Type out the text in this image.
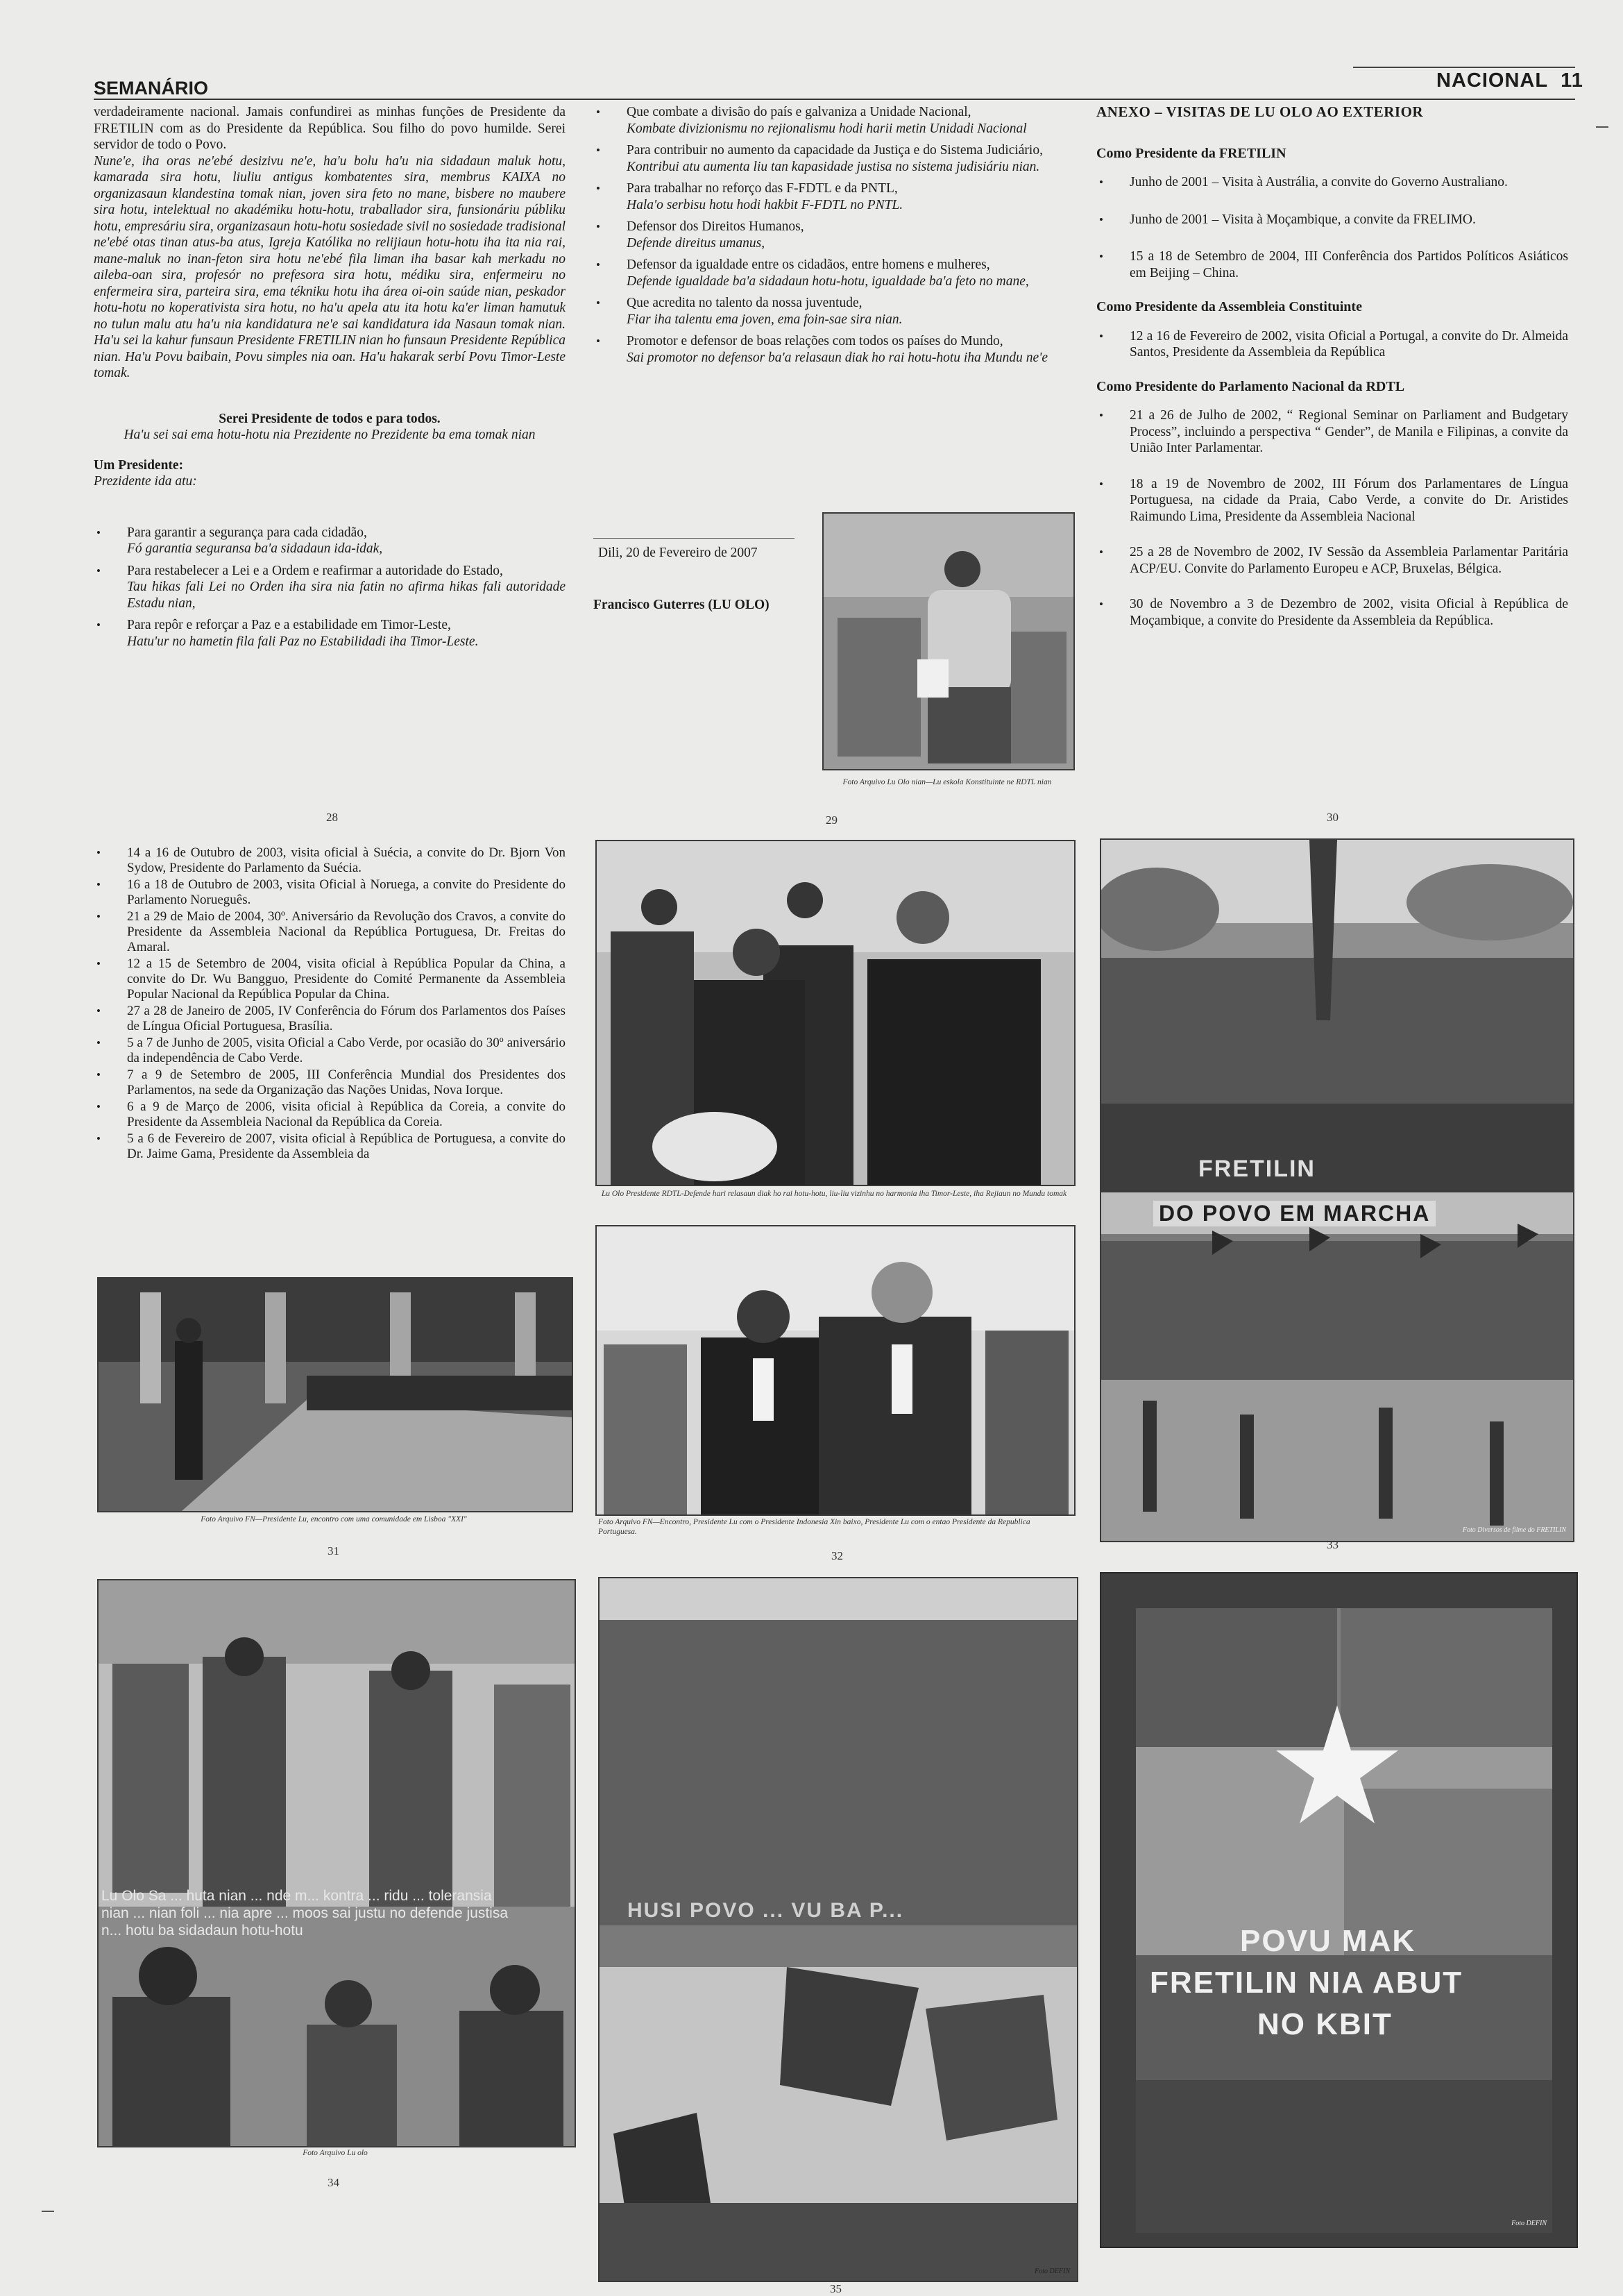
SEMANÁRIO	NACIONAL 11

verdadeiramente nacional. Jamais confundirei as minhas funções de Presidente da FRETILIN com as do Presidente da República. Sou filho do povo humilde. Serei servidor de todo o Povo.

Nune'e, iha oras ne'ebé desizivu ne'e, ha'u bolu ha'u nia sidadaun maluk hotu, kamarada sira hotu, liuliu antigus kombatentes sira, membrus KAIXA no organizasaun klandestina tomak nian, joven sira feto no mane, bisbere no maubere sira hotu, intelektual no akadémiku hotu-hotu, traballador sira, funsionáriu públiku hotu, empresáriu sira, organizasaun hotu-hotu sosiedade sivil no sosiedade tradisional ne'ebé otas tinan atus-ba atus, Igreja Katólika no relijiaun hotu-hotu iha ita nia rai, mane-maluk no inan-feton sira hotu ne'ebé fila liman iha basar kah merkadu no aileba-oan sira, profesór no prefesora sira hotu, médiku sira, enfermeiru no enfermeira sira, parteira sira, ema tékniku hotu iha área oi-oin saúde nian, peskador hotu-hotu no koperativista sira hotu, no ha'u apela atu ita hotu ka'er liman hamutuk no tulun malu atu ha'u nia kandidatura ne'e sai kandidatura ida Nasaun tomak nian. Ha'u sei la kahur funsaun Presidente FRETILIN nian ho funsaun Presidente República nian. Ha'u Povu baibain, Povu simples nia oan. Ha'u hakarak serbí Povu Timor-Leste tomak.

Serei Presidente de todos e para todos.

Ha'u sei sai ema hotu-hotu nia Prezidente no Prezidente ba ema tomak nian

Um Presidente:

Prezidente ida atu:

• Para garantir a segurança para cada cidadão,
Fó garantia seguransa ba'a sidadaun ida-idak,
• Para restabelecer a Lei e a Ordem e reafirmar a autoridade do Estado,
Tau hikas fali Lei no Orden iha sira nia fatin no afirma hikas fali autoridade Estadu nian,
• Para repôr e reforçar a Paz e a estabilidade em Timor-Leste,
Hatu'ur no hametin fila fali Paz no Estabilidadi iha Timor-Leste.
28
• Que combate a divisão do país e galvaniza a Unidade Nacional,
Kombate divizionismu no rejionalismu hodi harii metin Unidadi Nacional
• Para contribuir no aumento da capacidade da Justiça e do Sistema Judiciário,
Kontribui atu aumenta liu tan kapasidade justisa no sistema judisiáriu nian.
• Para trabalhar no reforço das F-FDTL e da PNTL,
Hala'o serbisu hotu hodi hakbit F-FDTL no PNTL.
• Defensor dos Direitos Humanos,
Defende direitus umanus,
• Defensor da igualdade entre os cidadãos, entre homens e mulheres,
Defende igualdade ba'a sidadaun hotu-hotu, igualdade ba'a feto no mane,
• Que acredita no talento da nossa juventude,
Fiar iha talentu ema joven, ema foin-sae sira nian.
• Promotor e defensor de boas relações com todos os países do Mundo,
Sai promotor no defensor ba'a relasaun diak ho rai hotu-hotu iha Mundu ne'e
Dili, 20 de Fevereiro de 2007
Francisco Guterres (LU OLO)
Foto Arquivo Lu Olo nian—Lu eskola Konstituinte ne RDTL nian
29
ANEXO – VISITAS DE LU OLO AO EXTERIOR
Como Presidente da FRETILIN
• Junho de 2001 – Visita à Austrália, a convite do Governo Australiano.
• Junho de 2001 – Visita à Moçambique, a convite da FRELIMO.
• 15 a 18 de Setembro de 2004, III Conferência dos Partidos Políticos Asiáticos em Beijing – China.
Como Presidente da Assembleia Constituinte
• 12 a 16 de Fevereiro de 2002, visita Oficial a Portugal, a convite do Dr. Almeida Santos, Presidente da Assembleia da República
Como Presidente do Parlamento Nacional da RDTL
• 21 a 26 de Julho de 2002, “ Regional Seminar on Parliament and Budgetary Process”, incluindo a perspectiva “ Gender”, de Manila e Filipinas, a convite da União Inter Parlamentar.
• 18 a 19 de Novembro de 2002, III Fórum dos Parlamentares de Língua Portuguesa, na cidade da Praia, Cabo Verde, a convite do Dr. Aristides Raimundo Lima, Presidente da Assembleia Nacional
• 25 a 28 de Novembro de 2002, IV Sessão da Assembleia Parlamentar Paritária ACP/EU. Convite do Parlamento Europeu e ACP, Bruxelas, Bélgica.
• 30 de Novembro a 3 de Dezembro de 2002, visita Oficial à República de Moçambique, a convite do Presidente da Assembleia da República.
30
• 14 a 16 de Outubro de 2003, visita oficial à Suécia, a convite do Dr. Bjorn Von Sydow, Presidente do Parlamento da Suécia.
• 16 a 18 de Outubro de 2003, visita Oficial à Noruega, a convite do Presidente do Parlamento Norueguês.
• 21 a 29 de Maio de 2004, 30º. Aniversário da Revolução dos Cravos, a convite do Presidente da Assembleia Nacional da República Portuguesa, Dr. Freitas do Amaral.
• 12 a 15 de Setembro de 2004, visita oficial à República Popular da China, a convite do Dr. Wu Bangguo, Presidente do Comité Permanente da Assembleia Popular Nacional da República Popular da China.
• 27 a 28 de Janeiro de 2005, IV Conferência do Fórum dos Parlamentos dos Países de Língua Oficial Portuguesa, Brasília.
• 5 a 7 de Junho de 2005, visita Oficial a Cabo Verde, por ocasião do 30º aniversário da independência de Cabo Verde.
• 7 a 9 de Setembro de 2005, III Conferência Mundial dos Presidentes dos Parlamentos, na sede da Organização das Nações Unidas, Nova Iorque.
• 6 a 9 de Março de 2006, visita oficial à República da Coreia, a convite do Presidente da Assembleia Nacional da República da Coreia.
• 5 a 6 de Fevereiro de 2007, visita oficial à República de Portuguesa, a convite do Dr. Jaime Gama, Presidente da Assembleia da
Foto Arquivo FN—Presidente Lu, encontro com uma comunidade em Lisboa "XXI"
31
Lu Olo Presidente RDTL-Defende hari relasaun diak ho rai hotu-hotu, liu-liu vizinhu no harmonia iha Timor-Leste, iha Rejiaun no Mundu tomak
Foto Arquivo FN—Encontro, Presidente Lu com o Presidente Indonesia Xin baixo, Presidente Lu com o entao Presidente da Republica Portuguesa.
32
FRETILIN
DO POVO EM MARCHA
Foto Diversos de filme do FRETILIN
33
Lu Olo Sa ... huta nian ... nde m... kontra ... ridu ... toleransia nian ... nian foli ... nia apre ... moos sai justu no defende justisa n... hotu ba sidadaun hotu-hotu
Foto Arquivo Lu olo
34
HUSI POVO ... VU BA P...
Foto DEFIN
35
POVU MAK
FRETILIN NIA ABUT
NO KBIT
Foto DEFIN
